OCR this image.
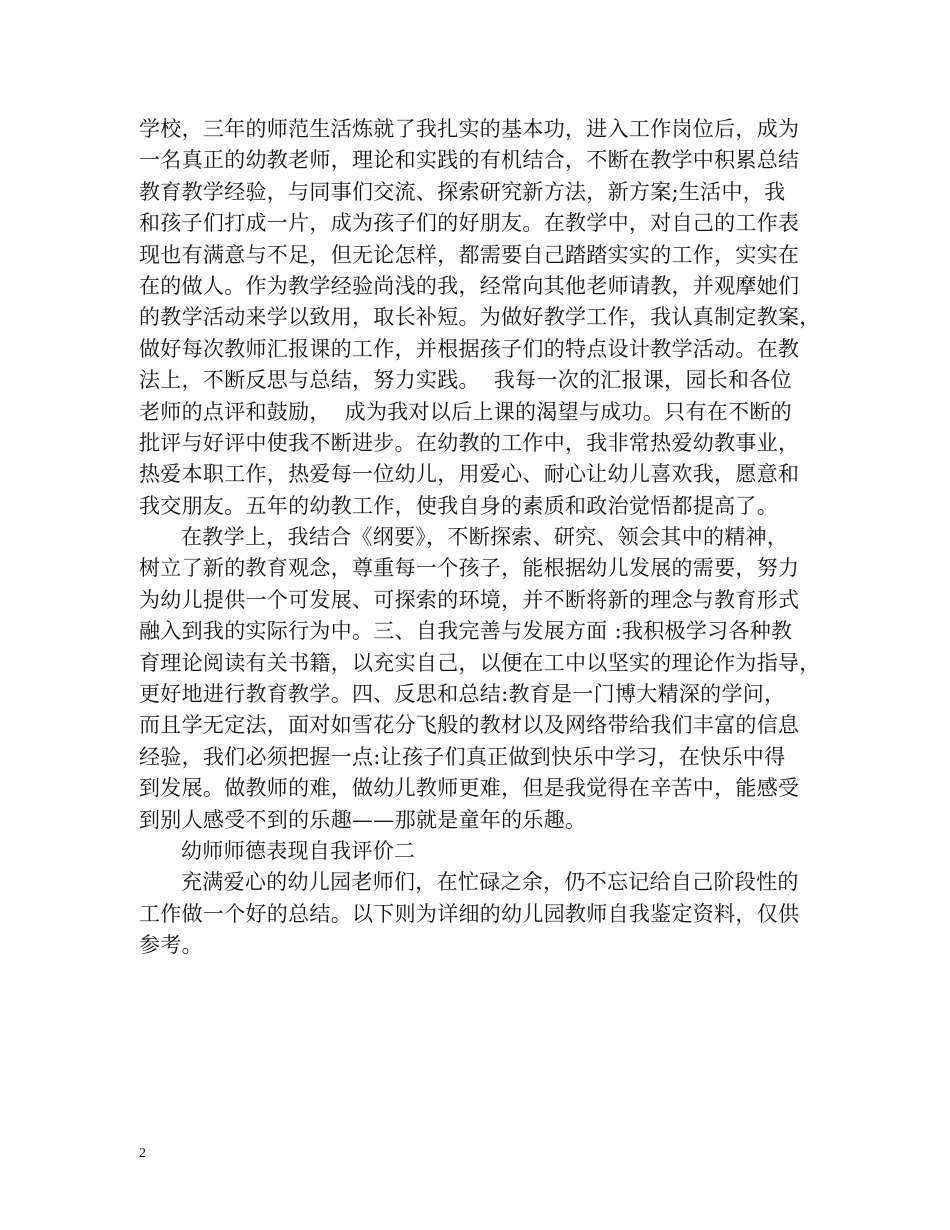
学校，三年的师范生活炼就了我扎实的基本功，进入工作岗位后，成为
一名真正的幼教老师，理论和实践的有机结合，不断在教学中积累总结
教育教学经验，与同事们交流、探索研究新方法，新方案;生活中，我
和孩子们打成一片，成为孩子们的好朋友。在教学中，对自己的工作表
现也有满意与不足，但无论怎样，都需要自己踏踏实实的工作，实实在
在的做人。作为教学经验尚浅的我，经常向其他老师请教，并观摩她们
的教学活动来学以致用，取长补短。为做好教学工作，我认真制定教案，
做好每次教师汇报课的工作，并根据孩子们的特点设计教学活动。在教
法上，不断反思与总结，努力实践。  我每一次的汇报课，园长和各位
老师的点评和鼓励，  成为我对以后上课的渴望与成功。只有在不断的
批评与好评中使我不断进步。在幼教的工作中，我非常热爱幼教事业，
热爱本职工作，热爱每一位幼儿，用爱心、耐心让幼儿喜欢我，愿意和
我交朋友。五年的幼教工作，使我自身的素质和政治觉悟都提高了。
在教学上，我结合《纲要》，不断探索、研究、领会其中的精神，
树立了新的教育观念，尊重每一个孩子，能根据幼儿发展的需要，努力
为幼儿提供一个可发展、可探索的环境，并不断将新的理念与教育形式
融入到我的实际行为中。三、自我完善与发展方面 :我积极学习各种教
育理论阅读有关书籍，以充实自己，以便在工中以坚实的理论作为指导，
更好地进行教育教学。四、反思和总结:教育是一门博大精深的学问，
而且学无定法，面对如雪花分飞般的教材以及网络带给我们丰富的信息
经验，我们必须把握一点:让孩子们真正做到快乐中学习，在快乐中得
到发展。做教师的难，做幼儿教师更难，但是我觉得在辛苦中，能感受
到别人感受不到的乐趣——那就是童年的乐趣。
幼师师德表现自我评价二
充满爱心的幼儿园老师们，在忙碌之余，仍不忘记给自己阶段性的
工作做一个好的总结。以下则为详细的幼儿园教师自我鉴定资料，仅供
参考。
2
